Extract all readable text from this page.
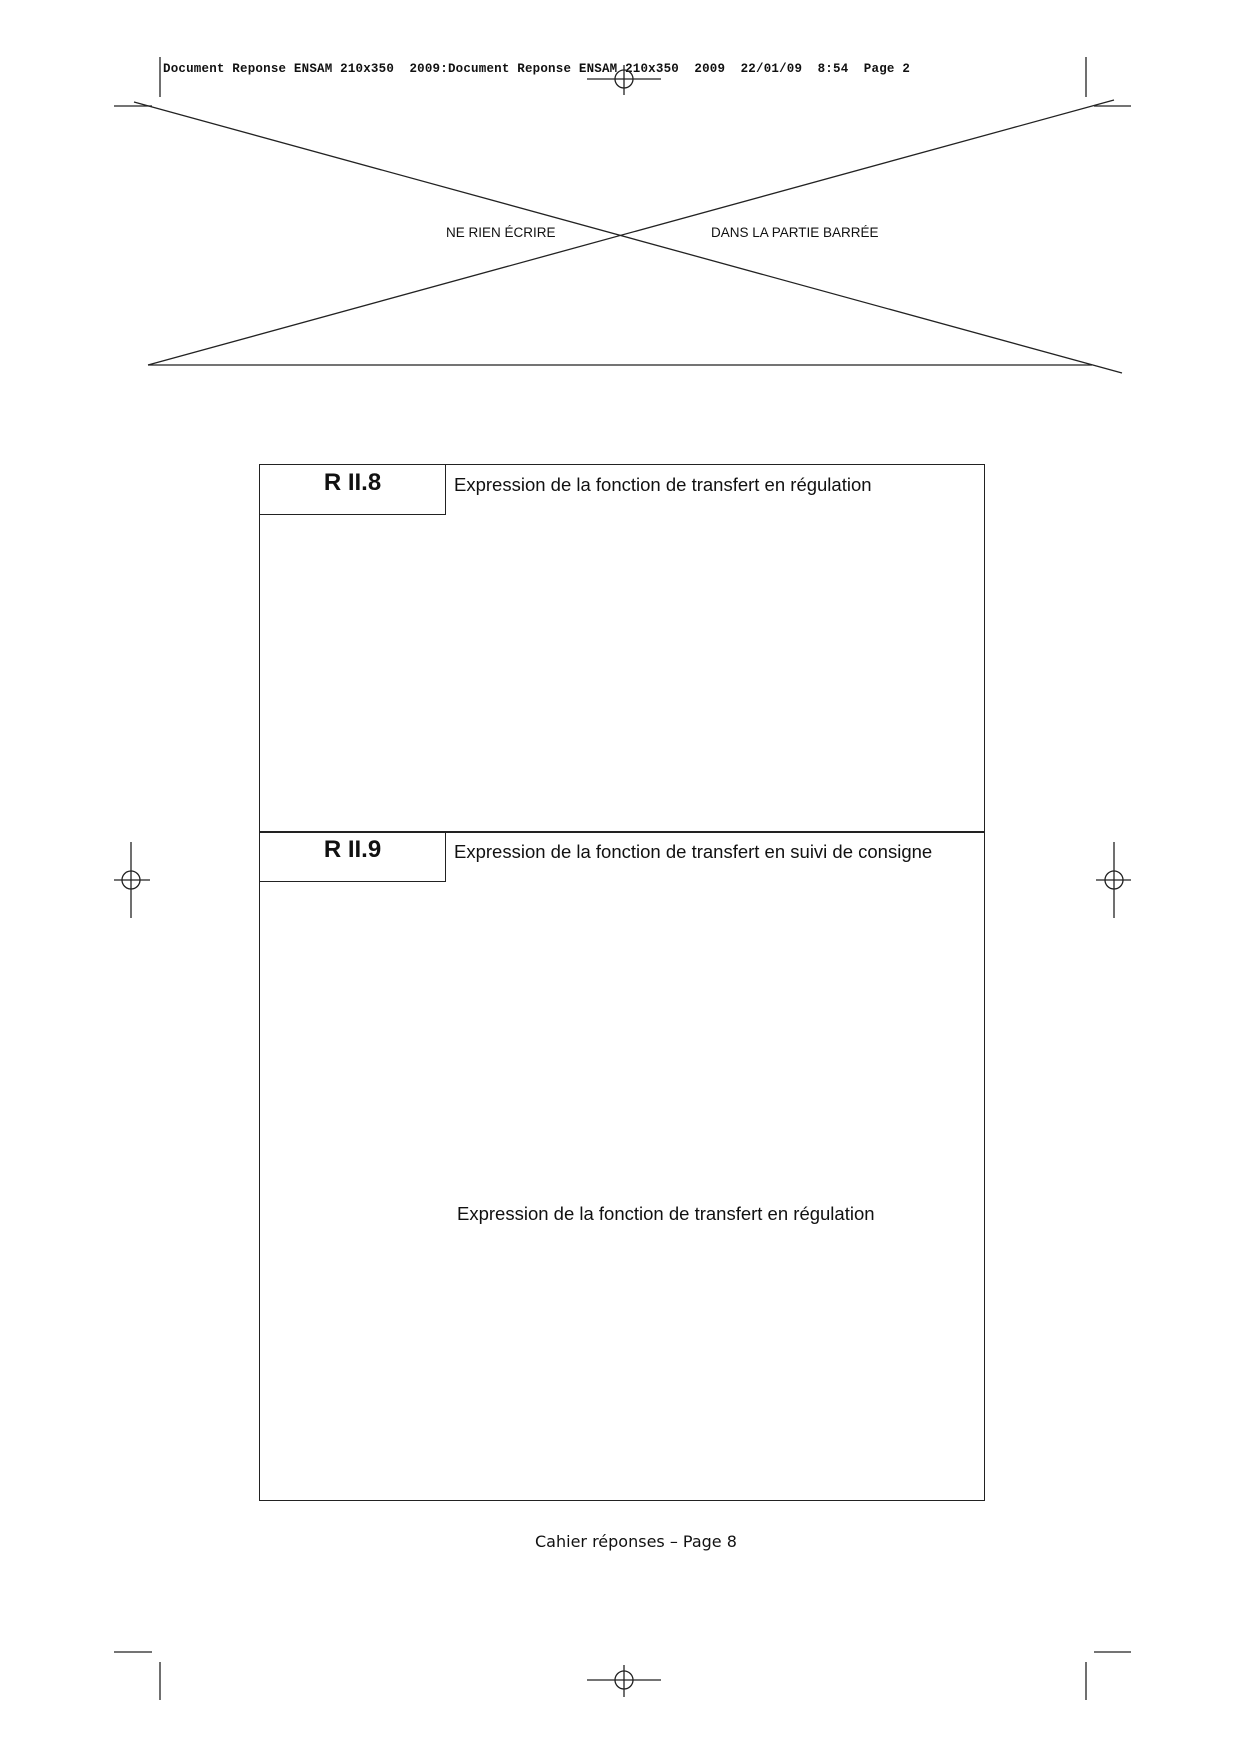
Document Reponse ENSAM 210x350  2009:Document Reponse ENSAM 210x350  2009  22/01/09  8:54  Page 2
NE RIEN ÉCRIRE	DANS LA PARTIE BARRÉE
R II.8	Expression de la fonction de transfert en régulation
R II.9	Expression de la fonction de transfert en suivi de consigne
Expression de la fonction de transfert en régulation
Cahier réponses – Page 8
